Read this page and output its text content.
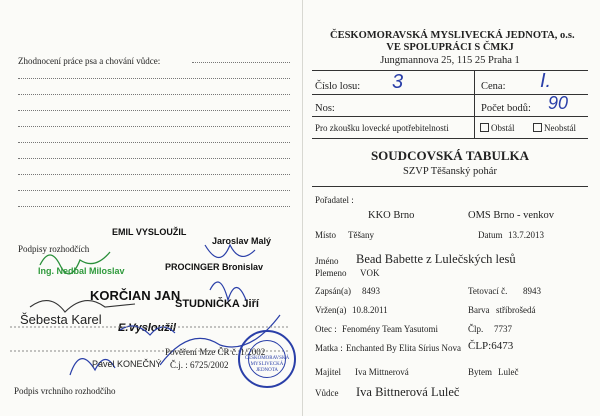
Zhodnocení práce psa a chování vůdce:
EMIL VYSLOUŽIL
Jaroslav Malý
Podpisy rozhodčích
Ing. Nedbal Miloslav	PROCINGER Bronislav
KORČIAN JAN
STUDNIČKA Jiří
Šebesta Karel
E.Vysloužil
Podpis vrchního rozhodčího
Pavel KONEČNÝ
Pověření Mze ČR č. 1/2002
Č.j. : 6725/2002
ČESKOMORAVSKÁ MYSLIVECKÁ JEDNOTA
ČESKOMORAVSKÁ MYSLIVECKÁ JEDNOTA, o.s.
VE SPOLUPRÁCI S ČMKJ
Jungmannova 25, 115 25 Praha 1
Číslo losu: 3	Cena: I.
Nos:	Počet bodů: 90
Pro zkoušku lovecké upotřebitelnosti	Obstál	Neobstál
SOUDCOVSKÁ TABULKA
SZVP Těšanský pohár
Pořadatel :
KKO Brno	OMS Brno - venkov
Místo Těšany	Datum 13.7.2013
Jméno Bead Babette z Lulečských lesů
Plemeno VOK
Zapsán(a) 8493	Tetovací č. 8943
Vržen(a) 10.8.2011	Barva stříbrošedá
Otec : Fenomény Team Yasutomi	Člp. 7737
Matka : Enchanted By Elita Sírius Nova ČLP:6473
Majitel Iva Mittnerová	Bytem Luleč
Vůdce Iva Bittnerová Luleč
